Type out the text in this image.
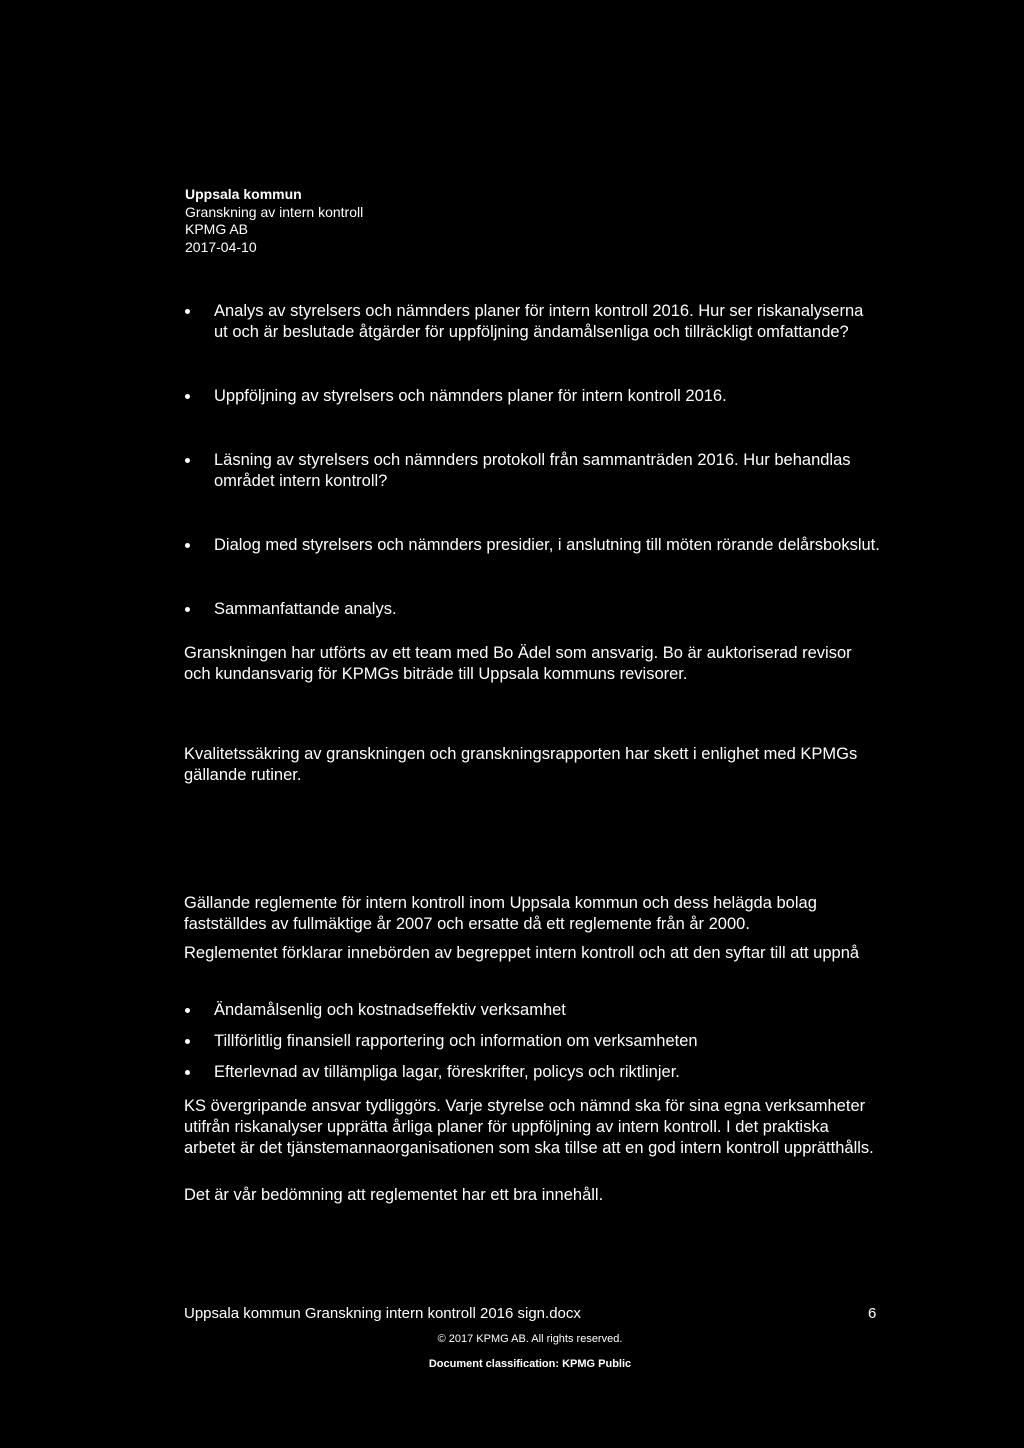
Uppsala kommun
Granskning av intern kontroll
KPMG AB
2017-04-10
Analys av styrelsers och nämnders planer för intern kontroll 2016. Hur ser riskanalyserna ut och är beslutade åtgärder för uppföljning ändamålsenliga och tillräckligt omfattande?
Uppföljning av styrelsers och nämnders planer för intern kontroll 2016.
Läsning av styrelsers och nämnders protokoll från sammanträden 2016. Hur behandlas området intern kontroll?
Dialog med styrelsers och nämnders presidier, i anslutning till möten rörande delårsbokslut.
Sammanfattande analys.

Granskningen har utförts av ett team med Bo Ädel som ansvarig. Bo är auktoriserad revisor och kundansvarig för KPMGs biträde till Uppsala kommuns revisorer.

Kvalitetssäkring av granskningen och granskningsrapporten har skett i enlighet med KPMGs gällande rutiner.

Gällande reglemente för intern kontroll inom Uppsala kommun och dess helägda bolag fastställdes av fullmäktige år 2007 och ersatte då ett reglemente från år 2000.

Reglementet förklarar innebörden av begreppet intern kontroll och att den syftar till att uppnå

Ändamålsenlig och kostnadseffektiv verksamhet
Tillförlitlig finansiell rapportering och information om verksamheten
Efterlevnad av tillämpliga lagar, föreskrifter, policys och riktlinjer.

KS övergripande ansvar tydliggörs. Varje styrelse och nämnd ska för sina egna verksamheter utifrån riskanalyser upprätta årliga planer för uppföljning av intern kontroll. I det praktiska arbetet är det tjänstemannaorganisationen som ska tillse att en god intern kontroll upprätthålls.

Det är vår bedömning att reglementet har ett bra innehåll.

Uppsala kommun Granskning intern kontroll 2016 sign.docx	6
© 2017 KPMG AB. All rights reserved.
Document classification: KPMG Public
